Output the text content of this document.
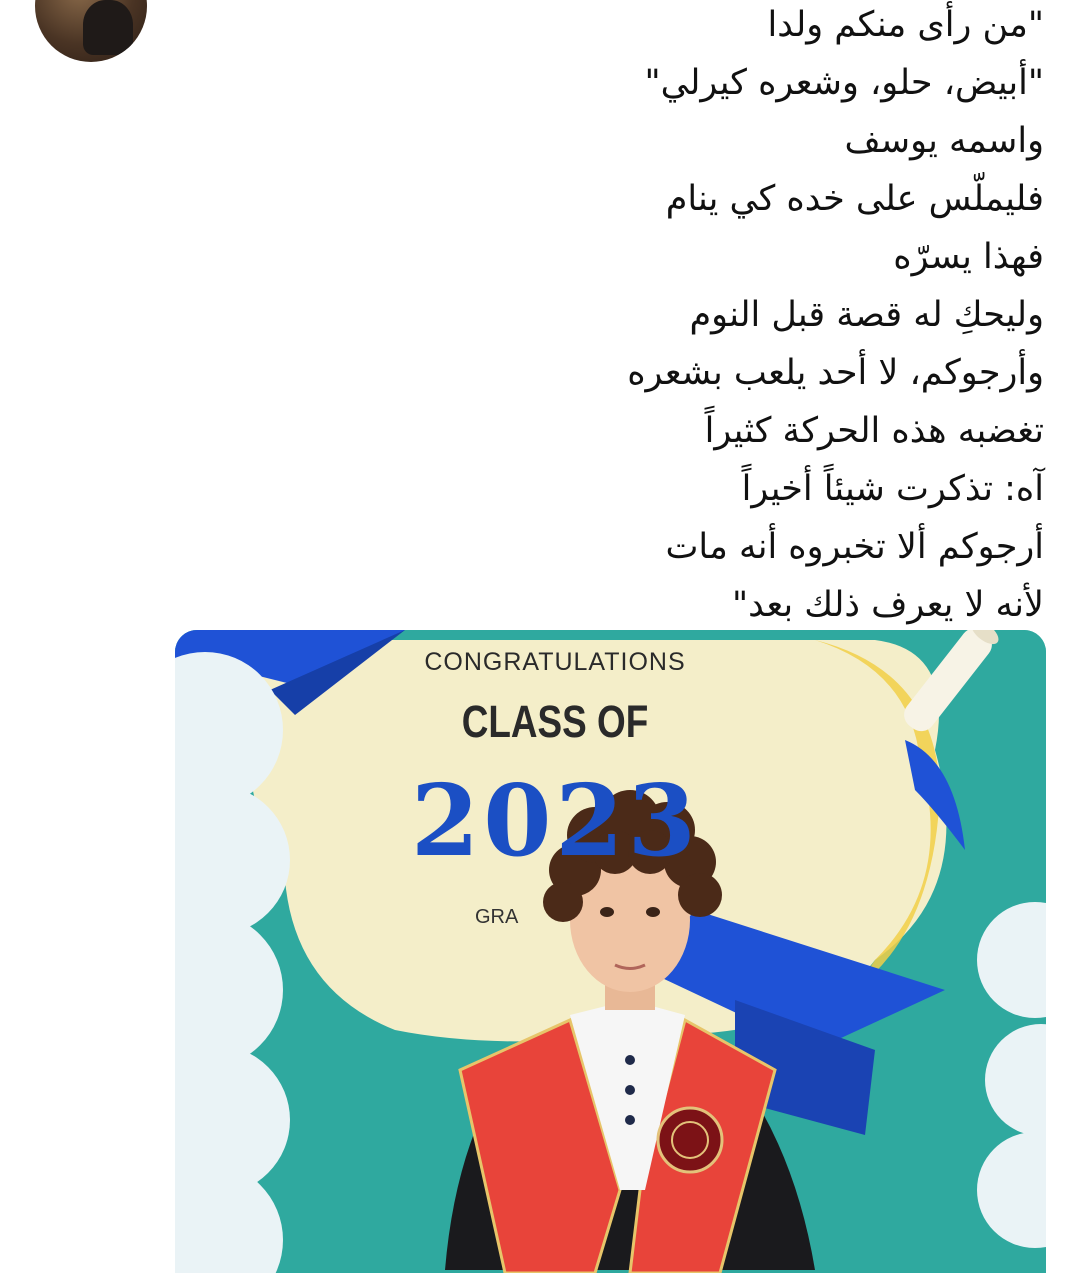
"من رأى منكم ولدا
"أبيض، حلو، وشعره كيرلي"
واسمه يوسف
فليملّس على خده كي ينام
فهذا يسرّه
وليحكِ له قصة قبل النوم
وأرجوكم، لا أحد يلعب بشعره
تغضبه هذه الحركة كثيراً
آه: تذكرت شيئاً أخيراً
أرجوكم ألا تخبروه أنه مات
لأنه لا يعرف ذلك بعد"
CONGRATULATIONS
CLASS OF
2023
GRA
